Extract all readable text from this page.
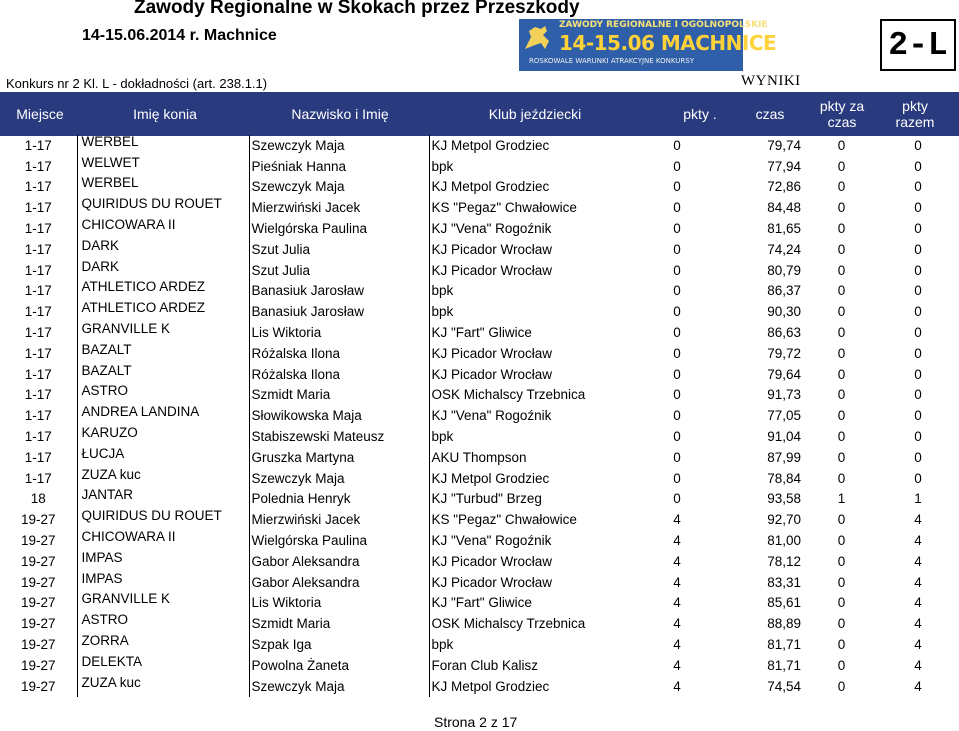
Zawody Regionalne w Skokach przez Przeszkody
14-15.06.2014 r. Machnice
ZAWODY REGIONALNE I OGÓLNOPOLSKIE
14-15.06 MACHNICE
ROSKOWALE WARUNKI ATRAKCYJNE KONKURSY	2-L
Konkurs nr 2 Kl. L - dokładności (art. 238.1.1)	WYNIKI
Miejsce	Imię konia	Nazwisko i Imię	Klub jeździecki	pkty .	czas	pkty za
czas
pkty
razem
1-17	WERBEL	Szewczyk Maja	KJ Metpol Grodziec	0	79,74	0	0
1-17	WELWET	Pieśniak Hanna	bpk	0	77,94	0	0
1-17	WERBEL	Szewczyk Maja	KJ Metpol Grodziec	0	72,86	0	0
1-17	QUIRIDUS DU ROUET	Mierzwiński Jacek	KS "Pegaz" Chwałowice	0	84,48	0	0
1-17	CHICOWARA II	Wielgórska Paulina	KJ "Vena" Rogoźnik	0	81,65	0	0
1-17	DARK	Szut Julia	KJ Picador Wrocław	0	74,24	0	0
1-17	DARK	Szut Julia	KJ Picador Wrocław	0	80,79	0	0
1-17	ATHLETICO ARDEZ	Banasiuk Jarosław	bpk	0	86,37	0	0
1-17	ATHLETICO ARDEZ	Banasiuk Jarosław	bpk	0	90,30	0	0
1-17	GRANVILLE K	Lis Wiktoria	KJ "Fart" Gliwice	0	86,63	0	0
1-17	BAZALT	Różalska Ilona	KJ Picador Wrocław	0	79,72	0	0
1-17	BAZALT	Różalska Ilona	KJ Picador Wrocław	0	79,64	0	0
1-17	ASTRO	Szmidt Maria	OSK Michalscy Trzebnica	0	91,73	0	0
1-17	ANDREA LANDINA	Słowikowska Maja	KJ "Vena" Rogoźnik	0	77,05	0	0
1-17	KARUZO	Stabiszewski Mateusz	bpk	0	91,04	0	0
1-17	ŁUCJA	Gruszka Martyna	AKU Thompson	0	87,99	0	0
1-17	ZUZA kuc	Szewczyk Maja	KJ Metpol Grodziec	0	78,84	0	0
18	JANTAR	Polednia Henryk	KJ "Turbud" Brzeg	0	93,58	1	1
19-27	QUIRIDUS DU ROUET	Mierzwiński Jacek	KS "Pegaz" Chwałowice	4	92,70	0	4
19-27	CHICOWARA II	Wielgórska Paulina	KJ "Vena" Rogoźnik	4	81,00	0	4
19-27	IMPAS	Gabor Aleksandra	KJ Picador Wrocław	4	78,12	0	4
19-27	IMPAS	Gabor Aleksandra	KJ Picador Wrocław	4	83,31	0	4
19-27	GRANVILLE K	Lis Wiktoria	KJ "Fart" Gliwice	4	85,61	0	4
19-27	ASTRO	Szmidt Maria	OSK Michalscy Trzebnica	4	88,89	0	4
19-27	ZORRA	Szpak Iga	bpk	4	81,71	0	4
19-27	DELEKTA	Powolna Żaneta	Foran Club Kalisz	4	81,71	0	4
19-27	ZUZA kuc	Szewczyk Maja	KJ Metpol Grodziec	4	74,54	0	4
Strona 2 z 17
